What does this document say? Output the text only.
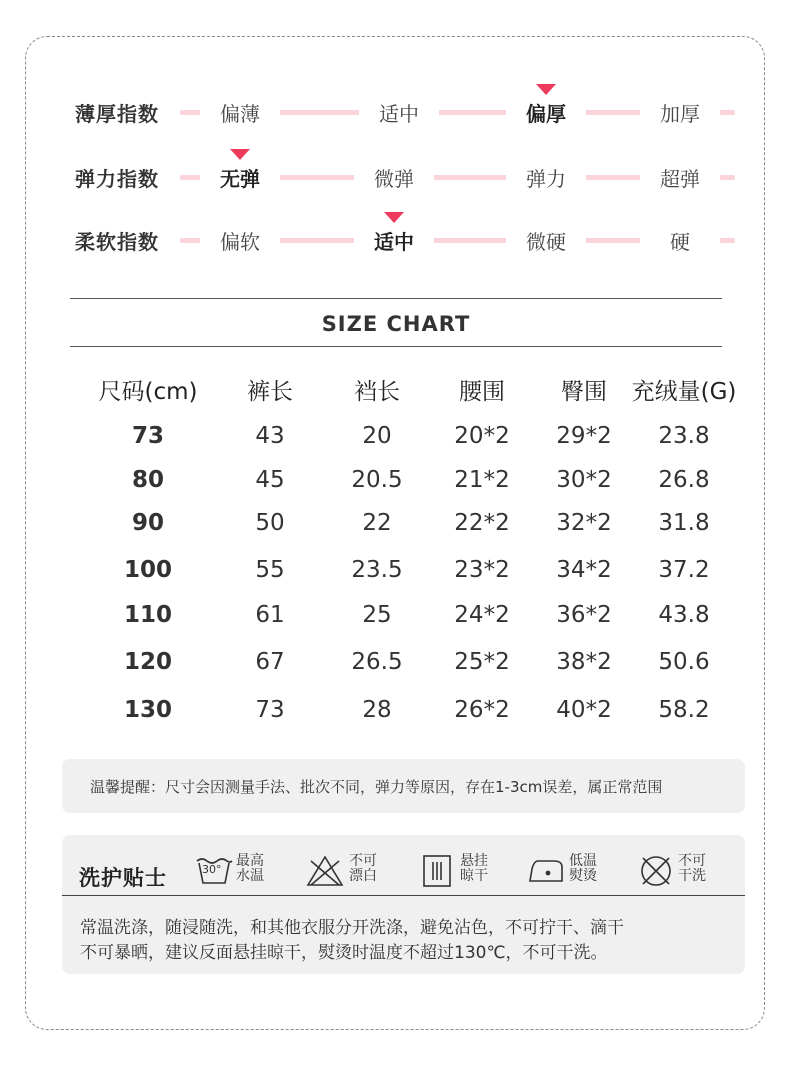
薄厚指数	偏薄	适中	偏厚	加厚
弹力指数	无弹	微弹	弹力	超弹
柔软指数	偏软	适中	微硬	硬
SIZE CHART
尺码(cm)	裤长	裆长	腰围	臀围	充绒量(G)
73	43	20	20*2	29*2	23.8
80	45	20.5	21*2	30*2	26.8
90	50	22	22*2	32*2	31.8
100	55	23.5	23*2	34*2	37.2
110	61	25	24*2	36*2	43.8
120	67	26.5	25*2	38*2	50.6
130	73	28	26*2	40*2	58.2
温馨提醒：尺寸会因测量手法、批次不同，弹力等原因，存在1-3cm误差，属正常范围
洗护贴士	30°
最高
水温
不可
漂白
悬挂
晾干
低温
熨烫
不可
干洗
常温洗涤，随浸随洗，和其他衣服分开洗涤，避免沾色，不可拧干、滴干
不可暴晒，建议反面悬挂晾干，熨烫时温度不超过130℃，不可干洗。
